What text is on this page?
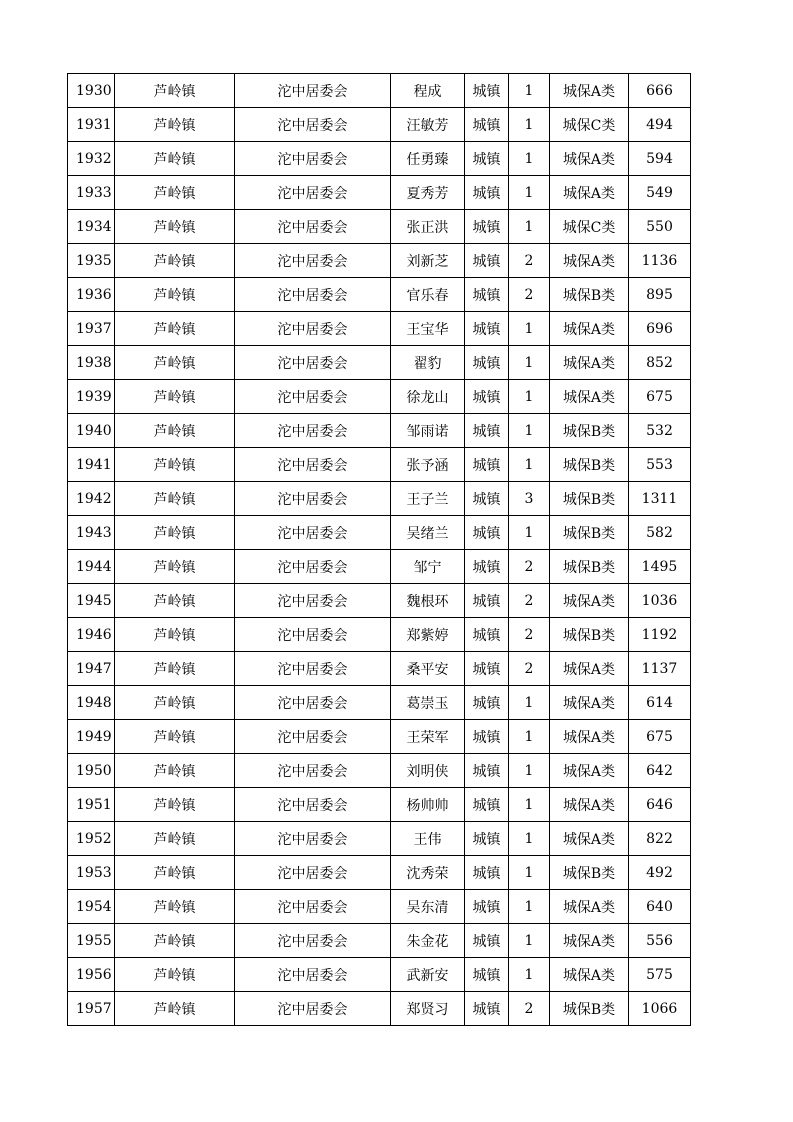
1930	芦岭镇	沱中居委会	程成	城镇	1	城保A类	666
1931	芦岭镇	沱中居委会	汪敏芳	城镇	1	城保C类	494
1932	芦岭镇	沱中居委会	任勇臻	城镇	1	城保A类	594
1933	芦岭镇	沱中居委会	夏秀芳	城镇	1	城保A类	549
1934	芦岭镇	沱中居委会	张正洪	城镇	1	城保C类	550
1935	芦岭镇	沱中居委会	刘新芝	城镇	2	城保A类	1136
1936	芦岭镇	沱中居委会	官乐春	城镇	2	城保B类	895
1937	芦岭镇	沱中居委会	王宝华	城镇	1	城保A类	696
1938	芦岭镇	沱中居委会	翟豹	城镇	1	城保A类	852
1939	芦岭镇	沱中居委会	徐龙山	城镇	1	城保A类	675
1940	芦岭镇	沱中居委会	邹雨诺	城镇	1	城保B类	532
1941	芦岭镇	沱中居委会	张予涵	城镇	1	城保B类	553
1942	芦岭镇	沱中居委会	王子兰	城镇	3	城保B类	1311
1943	芦岭镇	沱中居委会	吴绪兰	城镇	1	城保B类	582
1944	芦岭镇	沱中居委会	邹宁	城镇	2	城保B类	1495
1945	芦岭镇	沱中居委会	魏根环	城镇	2	城保A类	1036
1946	芦岭镇	沱中居委会	郑紫婷	城镇	2	城保B类	1192
1947	芦岭镇	沱中居委会	桑平安	城镇	2	城保A类	1137
1948	芦岭镇	沱中居委会	葛崇玉	城镇	1	城保A类	614
1949	芦岭镇	沱中居委会	王荣军	城镇	1	城保A类	675
1950	芦岭镇	沱中居委会	刘明侠	城镇	1	城保A类	642
1951	芦岭镇	沱中居委会	杨帅帅	城镇	1	城保A类	646
1952	芦岭镇	沱中居委会	王伟	城镇	1	城保A类	822
1953	芦岭镇	沱中居委会	沈秀荣	城镇	1	城保B类	492
1954	芦岭镇	沱中居委会	吴东清	城镇	1	城保A类	640
1955	芦岭镇	沱中居委会	朱金花	城镇	1	城保A类	556
1956	芦岭镇	沱中居委会	武新安	城镇	1	城保A类	575
1957	芦岭镇	沱中居委会	郑贤习	城镇	2	城保B类	1066
